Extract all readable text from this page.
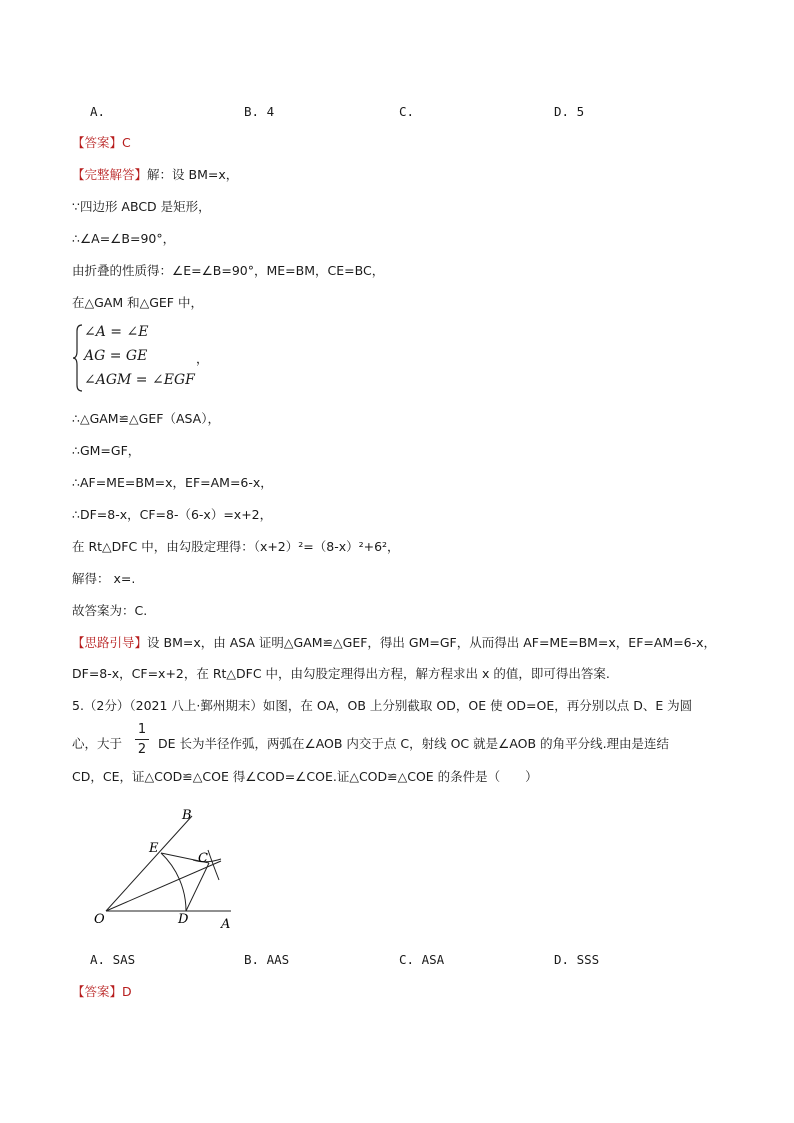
A.	B. 4	C.	D. 5
【答案】C
【完整解答】解：设 BM=x，
∵四边形 ABCD 是矩形，
∴∠A=∠B=90°，
由折叠的性质得：∠E=∠B=90°，ME=BM，CE=BC，
在△GAM 和△GEF 中，
∠A = ∠E
AG = GE
∠AGM = ∠EGF
，
∴△GAM≌△GEF（ASA），
∴GM=GF，
∴AF=ME=BM=x，EF=AM=6-x，
∴DF=8-x，CF=8-（6-x）=x+2，
在 Rt△DFC 中，由勾股定理得：（x+2）²=（8-x）²+6²，
解得： x=.
故答案为：C.
【思路引导】设 BM=x，由 ASA 证明△GAM≌△GEF，得出 GM=GF，从而得出 AF=ME=BM=x，EF=AM=6-x，
DF=8-x，CF=x+2，在 Rt△DFC 中，由勾股定理得出方程，解方程求出 x 的值，即可得出答案.
5.（2分）（2021 八上·鄞州期末）如图，在 OA，OB 上分别截取 OD，OE 使 OD=OE，再分别以点 D、E 为圆
心，大于
1
2 DE 长为半径作弧，两弧在∠AOB 内交于点 C，射线 OC 就是∠AOB 的角平分线.理由是连结
CD，CE，证△COD≌△COE 得∠COD=∠COE.证△COD≌△COE 的条件是（　　）
B
E
C
O	D	A
A. SAS	B. AAS	C. ASA	D. SSS
【答案】D
